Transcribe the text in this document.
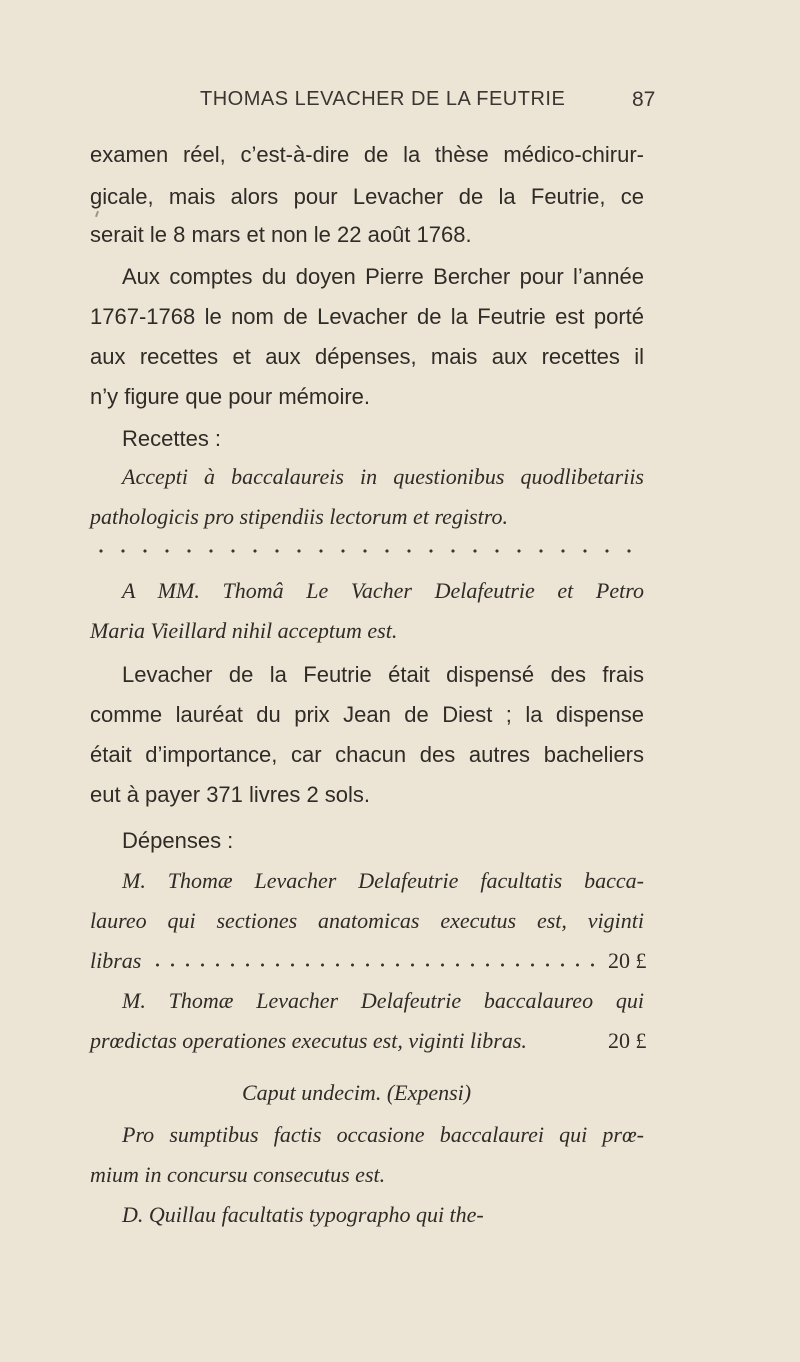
THOMAS LEVACHER DE LA FEUTRIE	87
examen réel, c’est-à-dire de la thèse médico-chirur-
gicale, mais alors pour Levacher de la Feutrie, ce
serait le 8 mars et non le 22 août 1768.
Aux comptes du doyen Pierre Bercher pour l’année
1767-1768 le nom de Levacher de la Feutrie est porté
aux recettes et aux dépenses, mais aux recettes il
n’y figure que pour mémoire.
Recettes :
Accepti à baccalaureis in questionibus quodlibetariis
pathologicis pro stipendiis lectorum et registro.
A MM. Thomâ Le Vacher Delafeutrie et Petro
Maria Vieillard nihil acceptum est.
Levacher de la Feutrie était dispensé des frais
comme lauréat du prix Jean de Diest ; la dispense
était d’importance, car chacun des autres bacheliers
eut à payer 371 livres 2 sols.
Dépenses :
M. Thomæ Levacher Delafeutrie facultatis bacca-
laureo qui sectiones anatomicas executus est, viginti
libras	20 £
M. Thomæ Levacher Delafeutrie baccalaureo qui
prœdictas operationes executus est, viginti libras.	20 £
Caput undecim. (Expensi)
Pro sumptibus factis occasione baccalaurei qui prœ-
mium in concursu consecutus est.
D. Quillau facultatis typographo qui the-
